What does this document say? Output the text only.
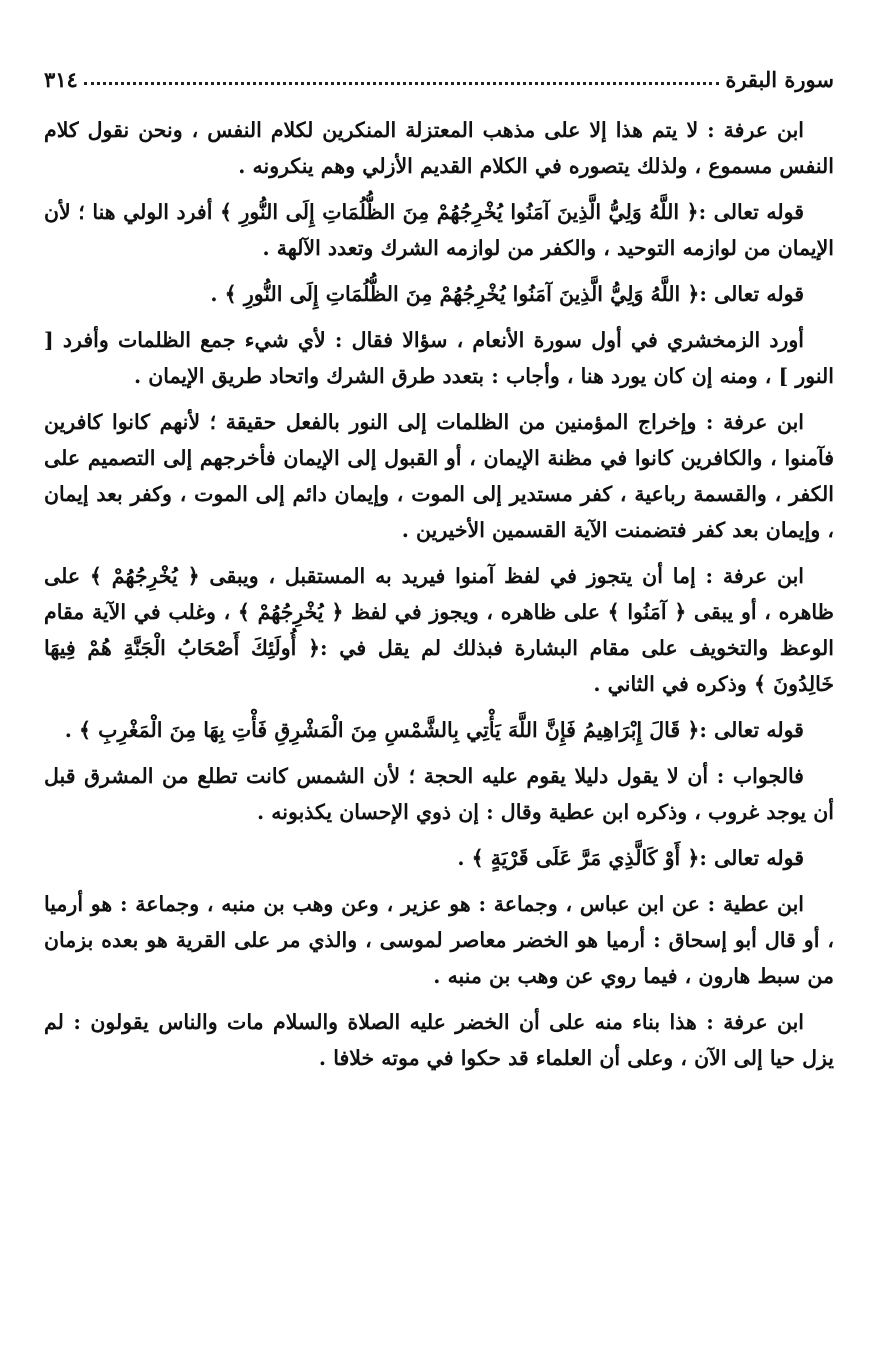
سورة البقرة
٣١٤

ابن عرفة : لا يتم هذا إلا على مذهب المعتزلة المنكرين لكلام النفس ، ونحن نقول كلام النفس مسموع ، ولذلك يتصوره في الكلام القديم الأزلي وهم ينكرونه .

قوله تعالى :﴿ اللَّهُ وَلِيُّ الَّذِينَ آمَنُوا يُخْرِجُهُمْ مِنَ الظُّلُمَاتِ إِلَى النُّورِ ﴾ أفرد الولي هنا ؛ لأن الإيمان من لوازمه التوحيد ، والكفر من لوازمه الشرك وتعدد الآلهة .

قوله تعالى :﴿ اللَّهُ وَلِيُّ الَّذِينَ آمَنُوا يُخْرِجُهُمْ مِنَ الظُّلُمَاتِ إِلَى النُّورِ ﴾ .

أورد الزمخشري في أول سورة الأنعام ، سؤالا فقال : لأي شيء جمع الظلمات وأفرد [ النور ] ، ومنه إن كان يورد هنا ، وأجاب : بتعدد طرق الشرك واتحاد طريق الإيمان .

ابن عرفة : وإخراج المؤمنين من الظلمات إلى النور بالفعل حقيقة ؛ لأنهم كانوا كافرين فآمنوا ، والكافرين كانوا في مظنة الإيمان ، أو القبول إلى الإيمان فأخرجهم إلى التصميم على الكفر ، والقسمة رباعية ، كفر مستدير إلى الموت ، وإيمان دائم إلى الموت ، وكفر بعد إيمان ، وإيمان بعد كفر فتضمنت الآية القسمين الأخيرين .

ابن عرفة : إما أن يتجوز في لفظ آمنوا فيريد به المستقبل ، ويبقى ﴿ يُخْرِجُهُمْ ﴾ على ظاهره ، أو يبقى ﴿ آمَنُوا ﴾ على ظاهره ، ويجوز في لفظ ﴿ يُخْرِجُهُمْ ﴾ ، وغلب في الآية مقام الوعظ والتخويف على مقام البشارة فبذلك لم يقل في :﴿ أُولَئِكَ أَصْحَابُ الْجَنَّةِ هُمْ فِيهَا خَالِدُونَ ﴾ وذكره في الثاني .

قوله تعالى :﴿ قَالَ إِبْرَاهِيمُ فَإِنَّ اللَّهَ يَأْتِي بِالشَّمْسِ مِنَ الْمَشْرِقِ فَأْتِ بِهَا مِنَ الْمَغْرِبِ ﴾ .

فالجواب : أن لا يقول دليلا يقوم عليه الحجة ؛ لأن الشمس كانت تطلع من المشرق قبل أن يوجد غروب ، وذكره ابن عطية وقال : إن ذوي الإحسان يكذبونه .

قوله تعالى :﴿ أَوْ كَالَّذِي مَرَّ عَلَى قَرْيَةٍ ﴾ .

ابن عطية : عن ابن عباس ، وجماعة : هو عزير ، وعن وهب بن منبه ، وجماعة : هو أرميا ، أو قال أبو إسحاق : أرميا هو الخضر معاصر لموسى ، والذي مر على القرية هو بعده بزمان من سبط هارون ، فيما روي عن وهب بن منبه .

ابن عرفة : هذا بناء منه على أن الخضر عليه الصلاة والسلام مات والناس يقولون : لم يزل حيا إلى الآن ، وعلى أن العلماء قد حكوا في موته خلافا .
